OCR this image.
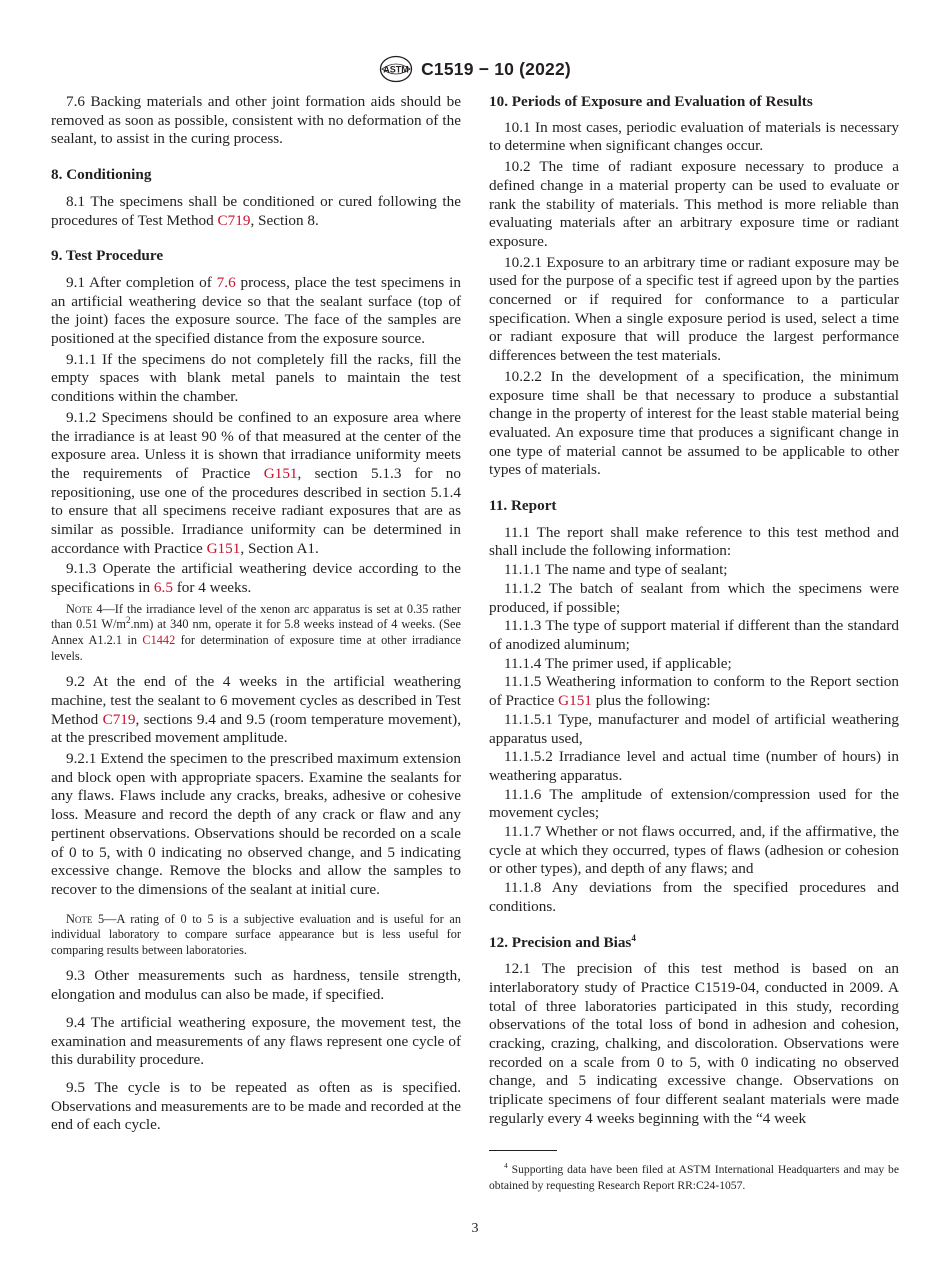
ASTM C1519 − 10 (2022)

7.6 Backing materials and other joint formation aids should be removed as soon as possible, consistent with no deformation of the sealant, to assist in the curing process.

8. Conditioning

8.1 The specimens shall be conditioned or cured following the procedures of Test Method C719, Section 8.

9. Test Procedure

9.1 After completion of 7.6 process, place the test specimens in an artificial weathering device so that the sealant surface (top of the joint) faces the exposure source. The face of the samples are positioned at the specified distance from the exposure source.

9.1.1 If the specimens do not completely fill the racks, fill the empty spaces with blank metal panels to maintain the test conditions within the chamber.

9.1.2 Specimens should be confined to an exposure area where the irradiance is at least 90 % of that measured at the center of the exposure area. Unless it is shown that irradiance uniformity meets the requirements of Practice G151, section 5.1.3 for no repositioning, use one of the procedures described in section 5.1.4 to ensure that all specimens receive radiant exposures that are as similar as possible. Irradiance uniformity can be determined in accordance with Practice G151, Section A1.

9.1.3 Operate the artificial weathering device according to the specifications in 6.5 for 4 weeks.

Note 4—If the irradiance level of the xenon arc apparatus is set at 0.35 rather than 0.51 $W/m^2.nm$) at 340 nm, operate it for 5.8 weeks instead of 4 weeks. (See Annex A1.2.1 in C1442 for determination of exposure time at other irradiance levels.

9.2 At the end of the 4 weeks in the artificial weathering machine, test the sealant to 6 movement cycles as described in Test Method C719, sections 9.4 and 9.5 (room temperature movement), at the prescribed movement amplitude.

9.2.1 Extend the specimen to the prescribed maximum extension and block open with appropriate spacers. Examine the sealants for any flaws. Flaws include any cracks, breaks, adhesive or cohesive loss. Measure and record the depth of any crack or flaw and any pertinent observations. Observations should be recorded on a scale of 0 to 5, with 0 indicating no observed change, and 5 indicating excessive change. Remove the blocks and allow the samples to recover to the dimensions of the sealant at initial cure.

Note 5—A rating of 0 to 5 is a subjective evaluation and is useful for an individual laboratory to compare surface appearance but is less useful for comparing results between laboratories.

9.3 Other measurements such as hardness, tensile strength, elongation and modulus can also be made, if specified.

9.4 The artificial weathering exposure, the movement test, the examination and measurements of any flaws represent one cycle of this durability procedure.

9.5 The cycle is to be repeated as often as is specified. Observations and measurements are to be made and recorded at the end of each cycle.

10. Periods of Exposure and Evaluation of Results

10.1 In most cases, periodic evaluation of materials is necessary to determine when significant changes occur.

10.2 The time of radiant exposure necessary to produce a defined change in a material property can be used to evaluate or rank the stability of materials. This method is more reliable than evaluating materials after an arbitrary exposure time or radiant exposure.

10.2.1 Exposure to an arbitrary time or radiant exposure may be used for the purpose of a specific test if agreed upon by the parties concerned or if required for conformance to a particular specification. When a single exposure period is used, select a time or radiant exposure that will produce the largest performance differences between the test materials.

10.2.2 In the development of a specification, the minimum exposure time shall be that necessary to produce a substantial change in the property of interest for the least stable material being evaluated. An exposure time that produces a significant change in one type of material cannot be assumed to be applicable to other types of materials.

11. Report

11.1 The report shall make reference to this test method and shall include the following information:

11.1.1 The name and type of sealant;

11.1.2 The batch of sealant from which the specimens were produced, if possible;

11.1.3 The type of support material if different than the standard of anodized aluminum;

11.1.4 The primer used, if applicable;

11.1.5 Weathering information to conform to the Report section of Practice G151 plus the following:

11.1.5.1 Type, manufacturer and model of artificial weathering apparatus used,

11.1.5.2 Irradiance level and actual time (number of hours) in weathering apparatus.

11.1.6 The amplitude of extension/compression used for the movement cycles;

11.1.7 Whether or not flaws occurred, and, if the affirmative, the cycle at which they occurred, types of flaws (adhesion or cohesion or other types), and depth of any flaws; and

11.1.8 Any deviations from the specified procedures and conditions.

12. Precision and Bias$^4$

12.1 The precision of this test method is based on an interlaboratory study of Practice C1519-04, conducted in 2009. A total of three laboratories participated in this study, recording observations of the total loss of bond in adhesion and cohesion, cracking, crazing, chalking, and discoloration. Observations were recorded on a scale from 0 to 5, with 0 indicating no observed change, and 5 indicating excessive change. Observations on triplicate specimens of four different sealant materials were made regularly every 4 weeks beginning with the “4 week

$^4$ Supporting data have been filed at ASTM International Headquarters and may be obtained by requesting Research Report RR:C24-1057.

3
